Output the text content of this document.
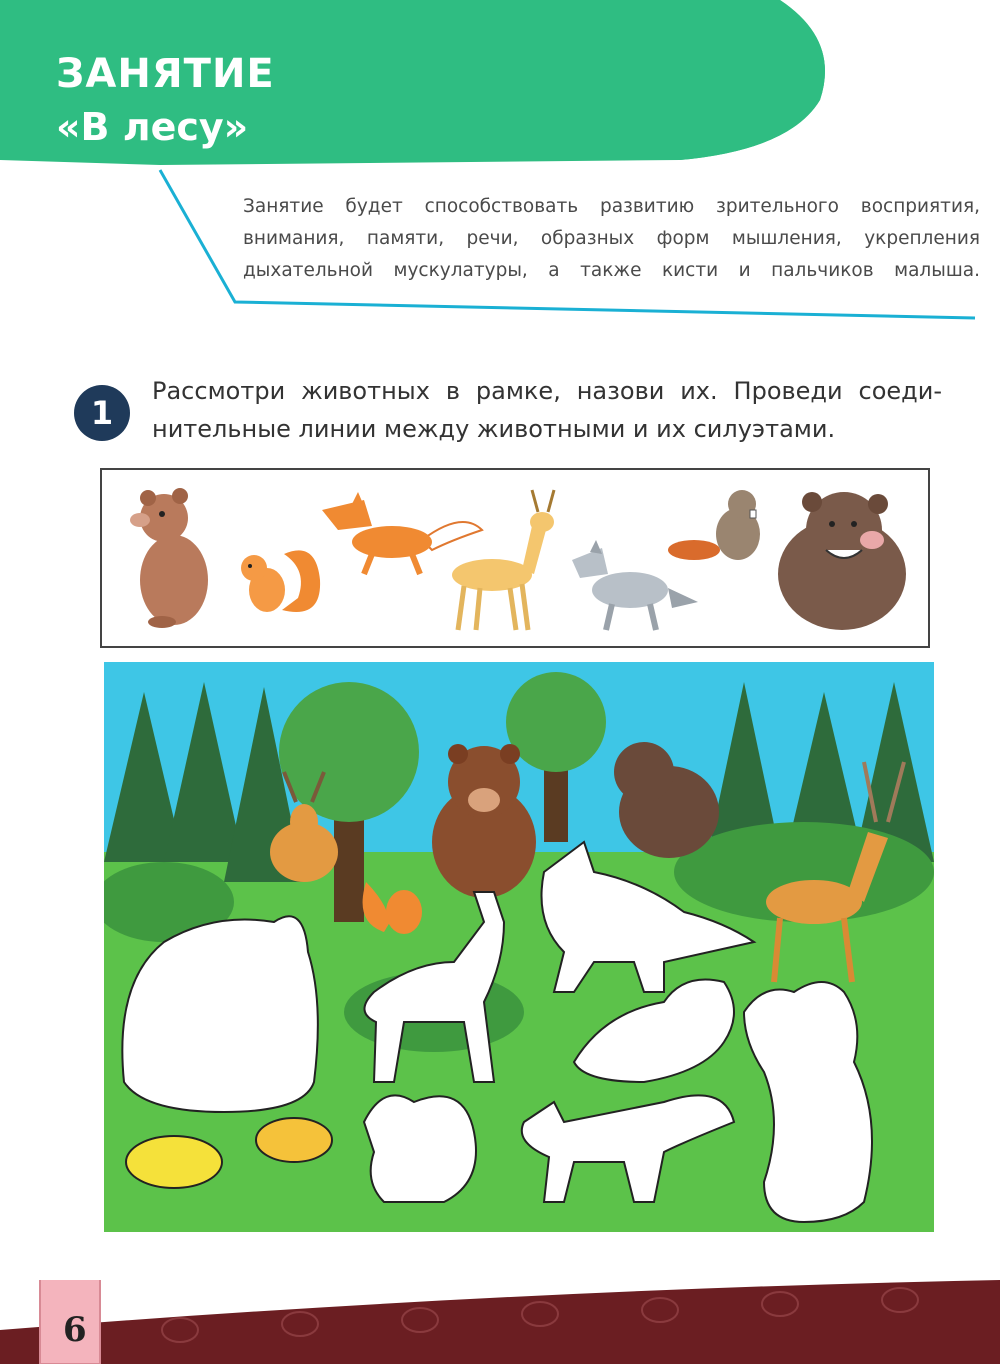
ЗАНЯТИЕ
«В лесу»
Занятие будет способствовать развитию зрительного восприятия,
внимания, памяти, речи, образных форм мышления, укрепления
дыхательной мускулатуры, а также кисти и пальчиков малыша.
1
Рассмотри животных в рамке, назови их. Проведи соеди-
нительные линии между животными и их силуэтами.
6
